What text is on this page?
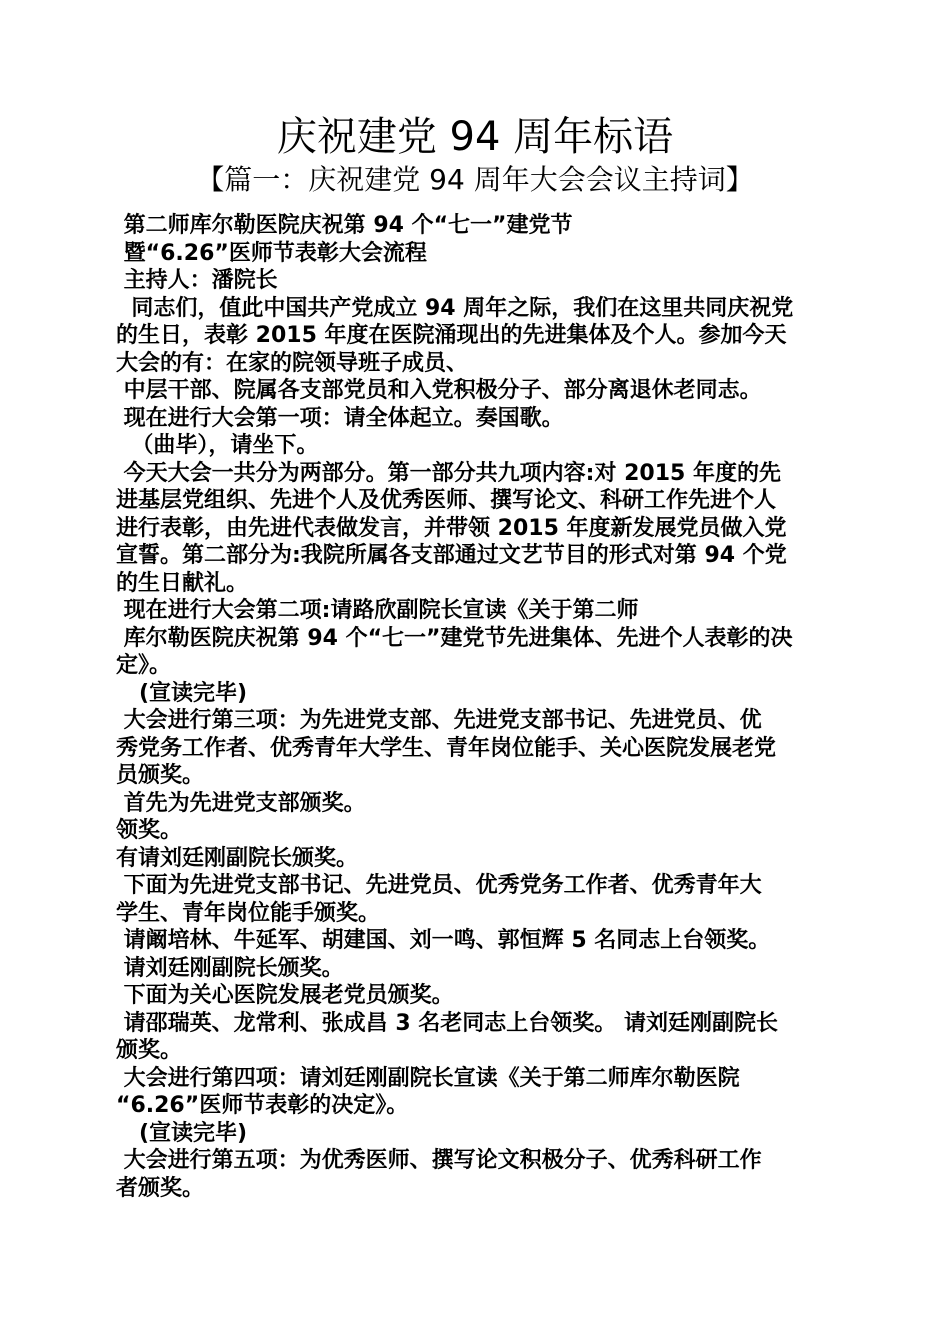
庆祝建党 94 周年标语
【篇一：庆祝建党 94 周年大会会议主持词】
第二师库尔勒医院庆祝第 94 个“七一”建党节
暨“6.26”医师节表彰大会流程
主持人：潘院长
同志们，值此中国共产党成立 94 周年之际，我们在这里共同庆祝党
的生日，表彰 2015 年度在医院涌现出的先进集体及个人。参加今天
大会的有：在家的院领导班子成员、
中层干部、院属各支部党员和入党积极分子、部分离退休老同志。
现在进行大会第一项：请全体起立。奏国歌。
（曲毕），请坐下。
今天大会一共分为两部分。第一部分共九项内容:对 2015 年度的先
进基层党组织、先进个人及优秀医师、撰写论文、科研工作先进个人
进行表彰，由先进代表做发言，并带领 2015 年度新发展党员做入党
宣誓。第二部分为:我院所属各支部通过文艺节目的形式对第 94 个党
的生日献礼。
现在进行大会第二项:请路欣副院长宣读《关于第二师
库尔勒医院庆祝第 94 个“七一”建党节先进集体、先进个人表彰的决
定》。
(宣读完毕)
大会进行第三项：为先进党支部、先进党支部书记、先进党员、优
秀党务工作者、优秀青年大学生、青年岗位能手、关心医院发展老党
员颁奖。
首先为先进党支部颁奖。
领奖。
有请刘廷刚副院长颁奖。
下面为先进党支部书记、先进党员、优秀党务工作者、优秀青年大
学生、青年岗位能手颁奖。
请阚培林、牛延军、胡建国、刘一鸣、郭恒辉 5 名同志上台领奖。
请刘廷刚副院长颁奖。
下面为关心医院发展老党员颁奖。
请邵瑞英、龙常利、张成昌 3 名老同志上台领奖。 请刘廷刚副院长
颁奖。
大会进行第四项：请刘廷刚副院长宣读《关于第二师库尔勒医院
“6.26”医师节表彰的决定》。
(宣读完毕)
大会进行第五项：为优秀医师、撰写论文积极分子、优秀科研工作
者颁奖。
